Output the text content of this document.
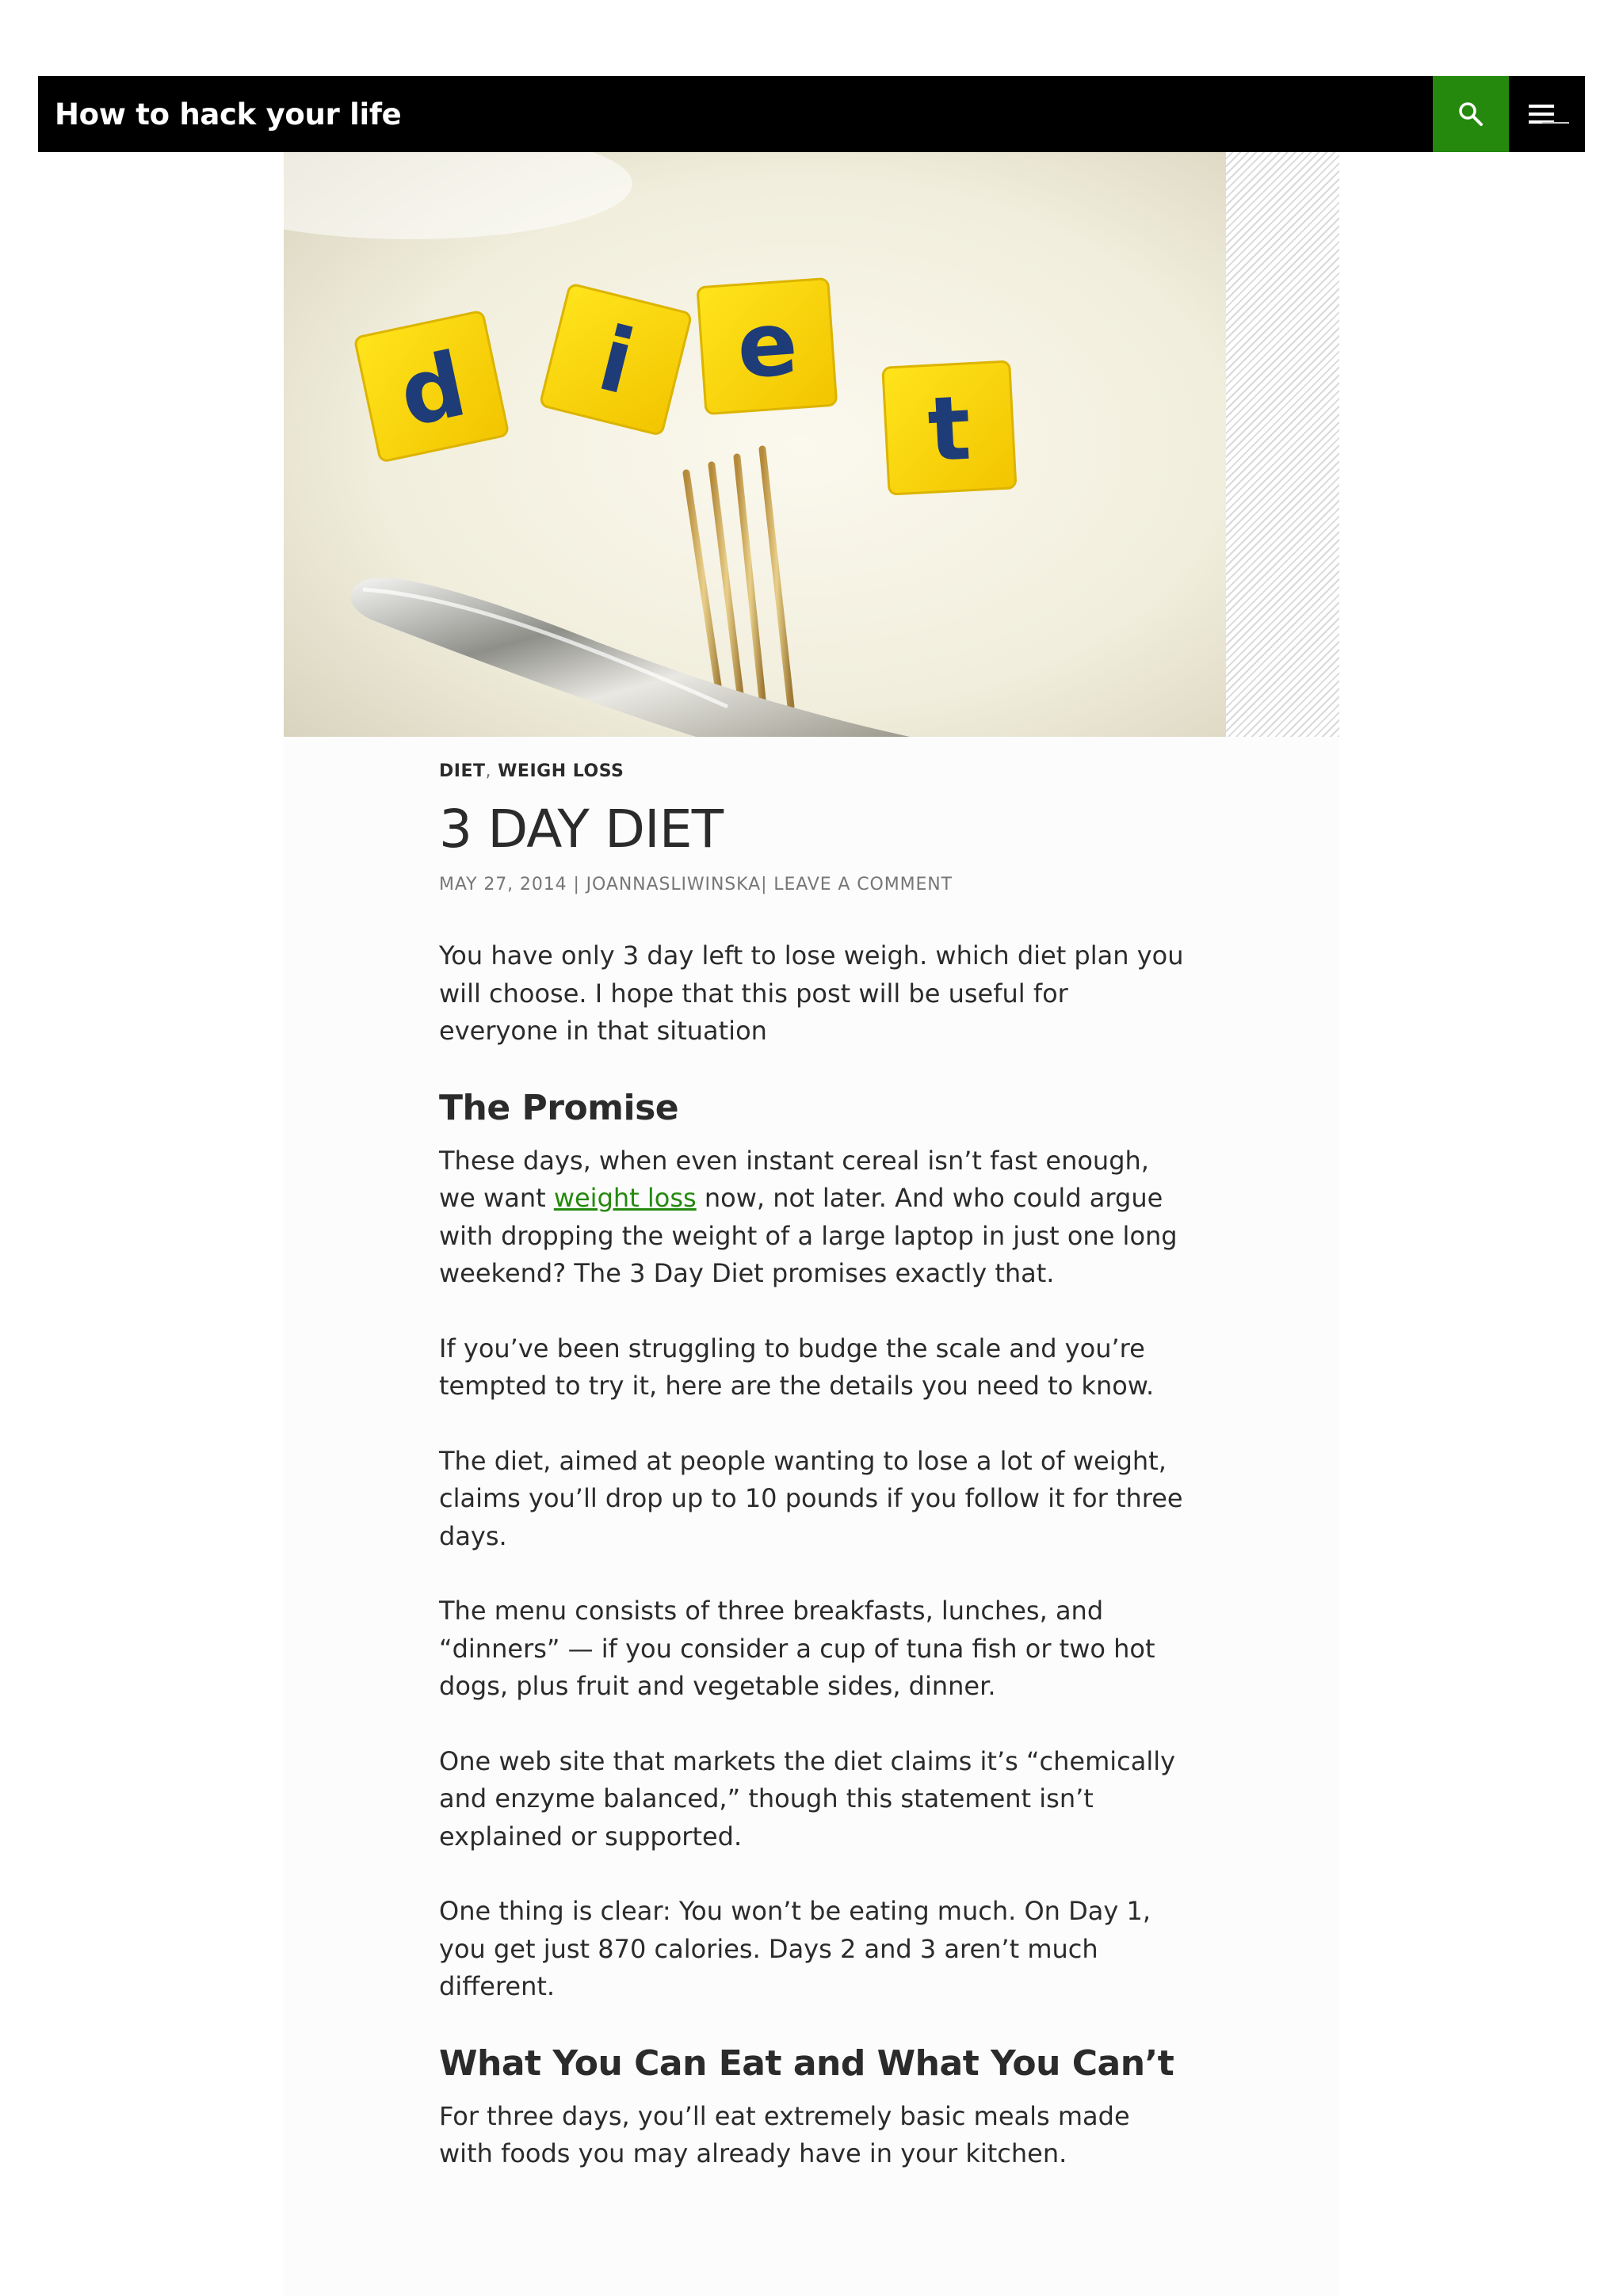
How to hack your life
d i e
t
DIET, WEIGH LOSS
3 DAY DIET
MAY 27, 2014 | JOANNASLIWINSKA| LEAVE A COMMENT

You have only 3 day left to lose weigh. which diet plan you will choose. I hope that this post will be useful for everyone in that situation

The Promise

These days, when even instant cereal isn’t fast enough, we want weight loss now, not later. And who could argue with dropping the weight of a large laptop in just one long weekend? The 3 Day Diet promises exactly that.

If you’ve been struggling to budge the scale and you’re tempted to try it, here are the details you need to know.

The diet, aimed at people wanting to lose a lot of weight, claims you’ll drop up to 10 pounds if you follow it for three days.

The menu consists of three breakfasts, lunches, and “dinners” — if you consider a cup of tuna fish or two hot dogs, plus fruit and vegetable sides, dinner.

One web site that markets the diet claims it’s “chemically and enzyme balanced,” though this statement isn’t explained or supported.

One thing is clear: You won’t be eating much. On Day 1, you get just 870 calories. Days 2 and 3 aren’t much different.

What You Can Eat and What You Can’t

For three days, you’ll eat extremely basic meals made with foods you may already have in your kitchen.
